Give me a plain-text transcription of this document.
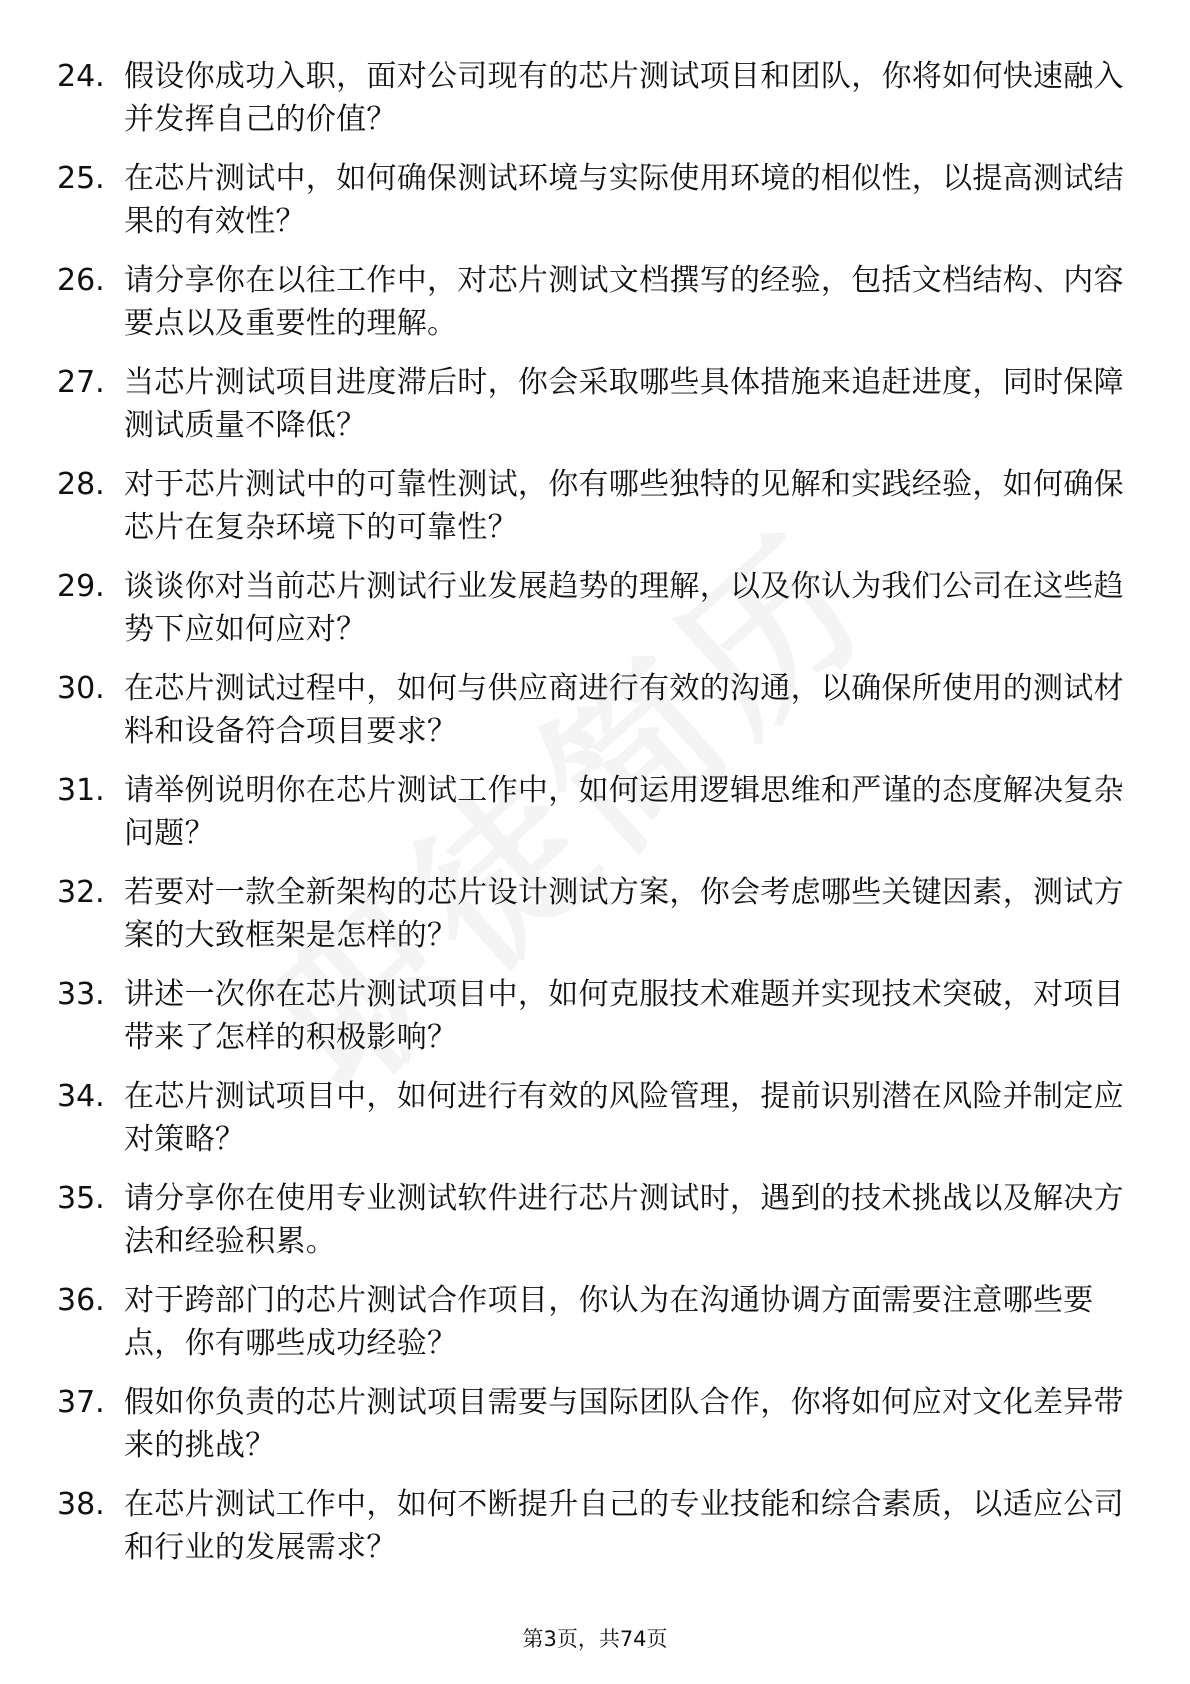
24. 假设你成功入职，面对公司现有的芯片测试项目和团队，你将如何快速融入并发挥自己的价值？
25. 在芯片测试中，如何确保测试环境与实际使用环境的相似性，以提高测试结果的有效性？
26. 请分享你在以往工作中，对芯片测试文档撰写的经验，包括文档结构、内容要点以及重要性的理解。
27. 当芯片测试项目进度滞后时，你会采取哪些具体措施来追赶进度，同时保障测试质量不降低？
28. 对于芯片测试中的可靠性测试，你有哪些独特的见解和实践经验，如何确保芯片在复杂环境下的可靠性？
29. 谈谈你对当前芯片测试行业发展趋势的理解，以及你认为我们公司在这些趋势下应如何应对？
30. 在芯片测试过程中，如何与供应商进行有效的沟通，以确保所使用的测试材料和设备符合项目要求？
31. 请举例说明你在芯片测试工作中，如何运用逻辑思维和严谨的态度解决复杂问题？
32. 若要对一款全新架构的芯片设计测试方案，你会考虑哪些关键因素，测试方案的大致框架是怎样的？
33. 讲述一次你在芯片测试项目中，如何克服技术难题并实现技术突破，对项目带来了怎样的积极影响？
34. 在芯片测试项目中，如何进行有效的风险管理，提前识别潜在风险并制定应对策略？
35. 请分享你在使用专业测试软件进行芯片测试时，遇到的技术挑战以及解决方法和经验积累。
36. 对于跨部门的芯片测试合作项目，你认为在沟通协调方面需要注意哪些要点，你有哪些成功经验？
37. 假如你负责的芯片测试项目需要与国际团队合作，你将如何应对文化差异带来的挑战？
38. 在芯片测试工作中，如何不断提升自己的专业技能和综合素质，以适应公司和行业的发展需求？
第3页，共74页
